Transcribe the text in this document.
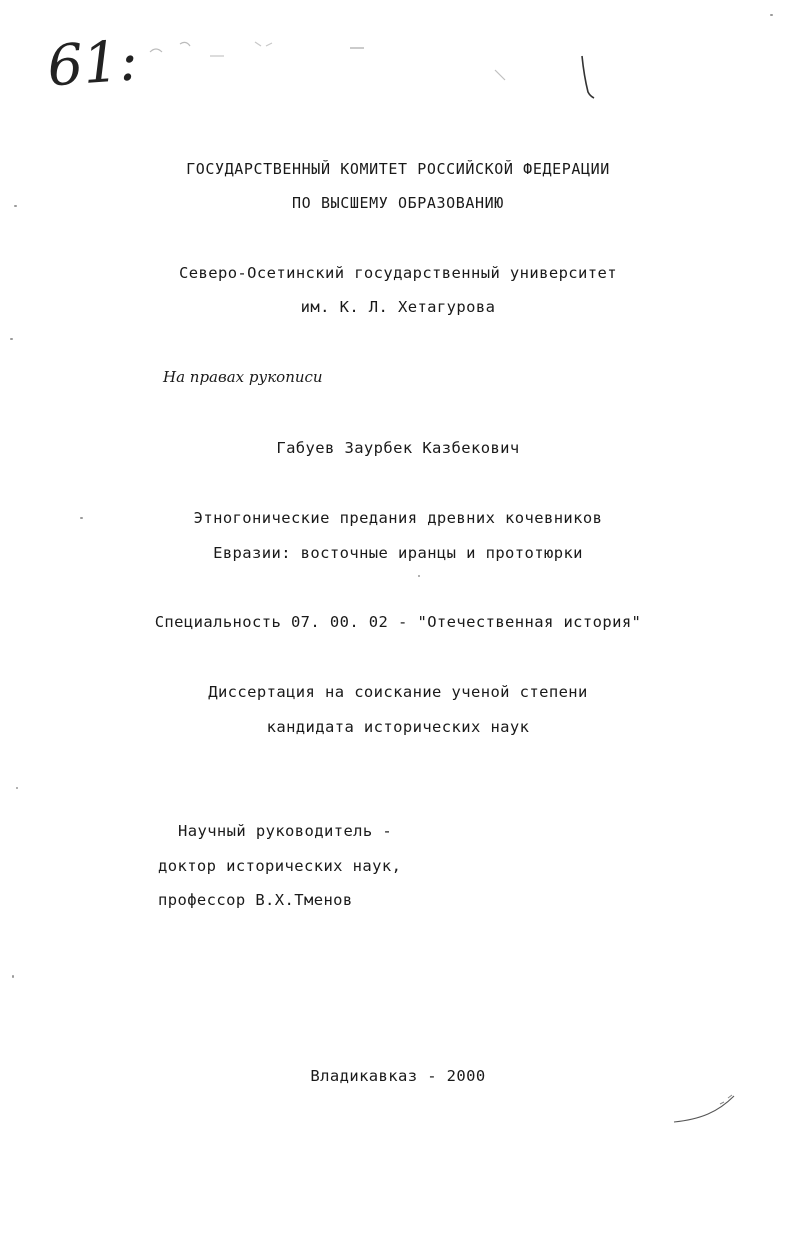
61:
ГОСУДАРСТВЕННЫЙ КОМИТЕТ РОССИЙСКОЙ ФЕДЕРАЦИИ
ПО ВЫСШЕМУ ОБРАЗОВАНИЮ
Северо-Осетинский государственный университет
им. К. Л. Хетагурова
На правах рукописи
Габуев Заурбек Казбекович
Этногонические предания древних кочевников
Евразии: восточные иранцы и прототюрки
Специальность 07. 00. 02 - "Отечественная история"
Диссертация на соискание ученой степени
кандидата исторических наук
Научный руководитель -
доктор исторических наук,
профессор В.Х.Тменов
Владикавказ - 2000
